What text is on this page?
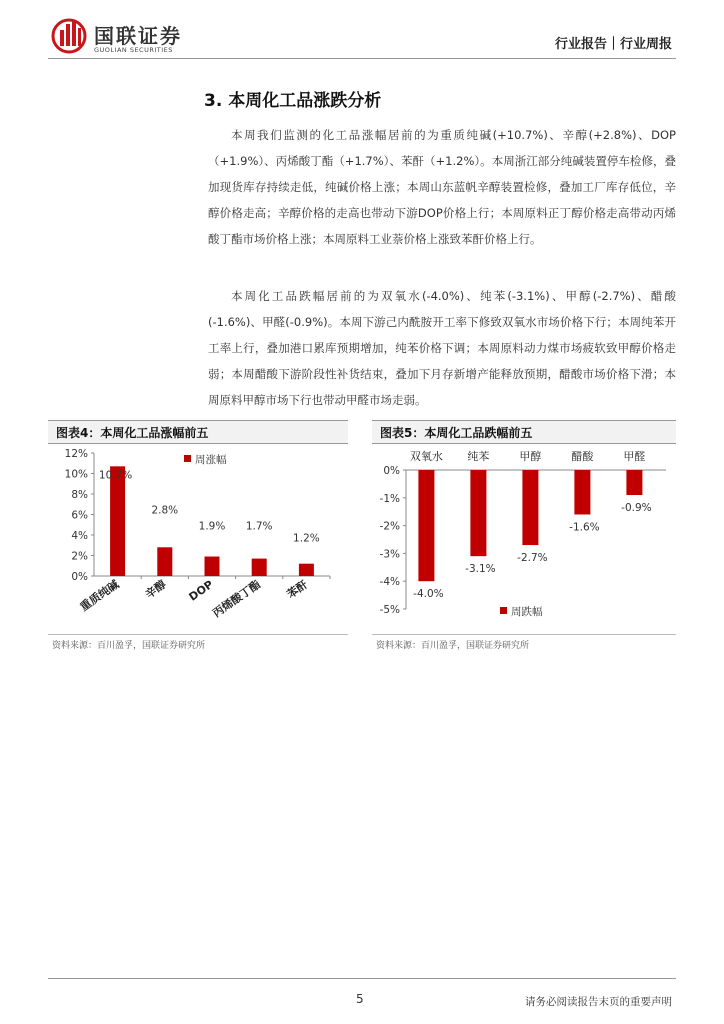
国联证券
GUOLIAN SECURITIES	行业报告｜行业周报
3. 本周化工品涨跌分析
本周我们监测的化工品涨幅居前的为重质纯碱(+10.7%)、辛醇(+2.8%)、DOP（+1.9%）、丙烯酸丁酯（+1.7%）、苯酐（+1.2%）。本周浙江部分纯碱装置停车检修，叠加现货库存持续走低，纯碱价格上涨；本周山东蓝帆辛醇装置检修，叠加工厂库存低位，辛醇价格走高；辛醇价格的走高也带动下游DOP价格上行；本周原料正丁醇价格走高带动丙烯酸丁酯市场价格上涨；本周原料工业萘价格上涨致苯酐价格上行。
本周化工品跌幅居前的为双氧水(-4.0%)、纯苯(-3.1%)、甲醇(-2.7%)、醋酸(-1.6%)、甲醛(-0.9%)。本周下游己内酰胺开工率下修致双氧水市场价格下行；本周纯苯开工率上行，叠加港口累库预期增加，纯苯价格下调；本周原料动力煤市场疲软致甲醇价格走弱；本周醋酸下游阶段性补货结束，叠加下月存新增产能释放预期，醋酸市场价格下滑；本周原料甲醇市场下行也带动甲醛市场走弱。
图表4：本周化工品涨幅前五
0%
2%
4%
6%
8%
10%
12%
10.7%
重质纯碱
2.8%
辛醇
1.9%
DOP
1.7%
丙烯酸丁酯
1.2%
苯酐
周涨幅
资料来源：百川盈孚，国联证券研究所
图表5：本周化工品跌幅前五
0%
-1%
-2%
-3%
-4%
-5%
双氧水
-4.0%
纯苯
-3.1%
甲醇
-2.7%
醋酸
-1.6%
甲醛
-0.9%
周跌幅
资料来源：百川盈孚，国联证券研究所
5	请务必阅读报告末页的重要声明
